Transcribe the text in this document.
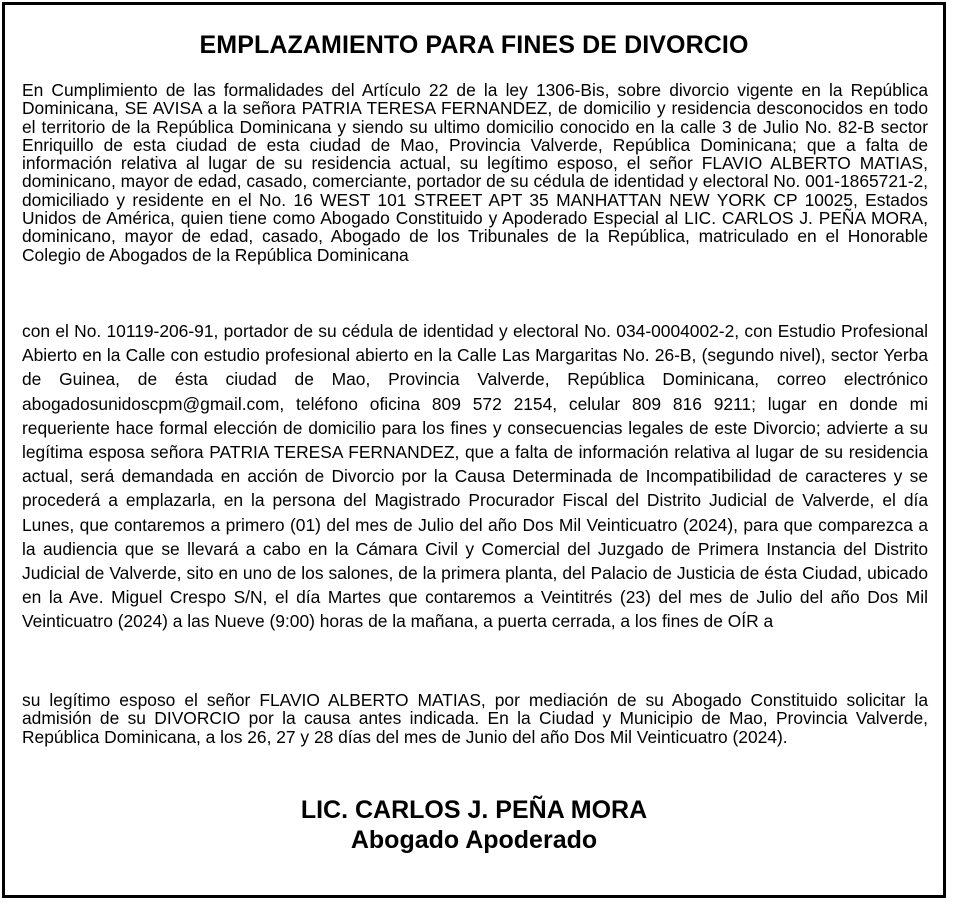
EMPLAZAMIENTO PARA FINES DE DIVORCIO

En Cumplimiento de las formalidades del Artículo 22 de la ley 1306-Bis, sobre divorcio vigente en la República Dominicana, SE AVISA a la señora PATRIA TERESA FERNANDEZ, de domicilio y residencia desconocidos en todo el territorio de la República Dominicana y siendo su ultimo domicilio conocido en la calle 3 de Julio No. 82-B sector Enriquillo de esta ciudad de esta ciudad de Mao, Provincia Valverde, República Dominicana; que a falta de información relativa al lugar de su residencia actual, su legítimo esposo, el señor FLAVIO ALBERTO MATIAS, dominicano, mayor de edad, casado, comerciante, portador de su cédula de identidad y electoral No. 001-1865721-2, domiciliado y residente en el No. 16 WEST 101 STREET APT 35 MANHATTAN NEW YORK CP 10025, Estados Unidos de América, quien tiene como Abogado Constituido y Apoderado Especial al LIC. CARLOS J. PEÑA MORA, dominicano, mayor de edad, casado, Abogado de los Tribunales de la República, matriculado en el Honorable Colegio de Abogados de la República Dominicana

con el No. 10119-206-91, portador de su cédula de identidad y electoral No. 034-0004002-2, con Estudio Profesional Abierto en la Calle con estudio profesional abierto en la Calle Las Margaritas No. 26-B, (segundo nivel), sector Yerba de Guinea, de ésta ciudad de Mao, Provincia Valverde, República Dominicana, correo electrónico abogadosunidoscpm@gmail.com, teléfono oficina 809 572 2154, celular 809 816 9211; lugar en donde mi requeriente hace formal elección de domicilio para los fines y consecuencias legales de este Divorcio; advierte a su legítima esposa señora PATRIA TERESA FERNANDEZ, que a falta de información relativa al lugar de su residencia actual, será demandada en acción de Divorcio por la Causa Determinada de Incompatibilidad de caracteres y se procederá a emplazarla, en la persona del Magistrado Procurador Fiscal del Distrito Judicial de Valverde, el día Lunes, que contaremos a primero (01) del mes de Julio del año Dos Mil Veinticuatro (2024), para que comparezca a la audiencia que se llevará a cabo en la Cámara Civil y Comercial del Juzgado de Primera Instancia del Distrito Judicial de Valverde, sito en uno de los salones, de la primera planta, del Palacio de Justicia de ésta Ciudad, ubicado en la Ave. Miguel Crespo S/N, el día Martes que contaremos a Veintitrés (23) del mes de Julio del año Dos Mil Veinticuatro (2024) a las Nueve (9:00) horas de la mañana, a puerta cerrada, a los fines de OÍR a

su legítimo esposo el señor FLAVIO ALBERTO MATIAS, por mediación de su Abogado Constituido solicitar la admisión de su DIVORCIO por la causa antes indicada. En la Ciudad y Municipio de Mao, Provincia Valverde, República Dominicana, a los 26, 27 y 28 días del mes de Junio del año Dos Mil Veinticuatro (2024).

LIC. CARLOS J. PEÑA MORA
Abogado Apoderado
